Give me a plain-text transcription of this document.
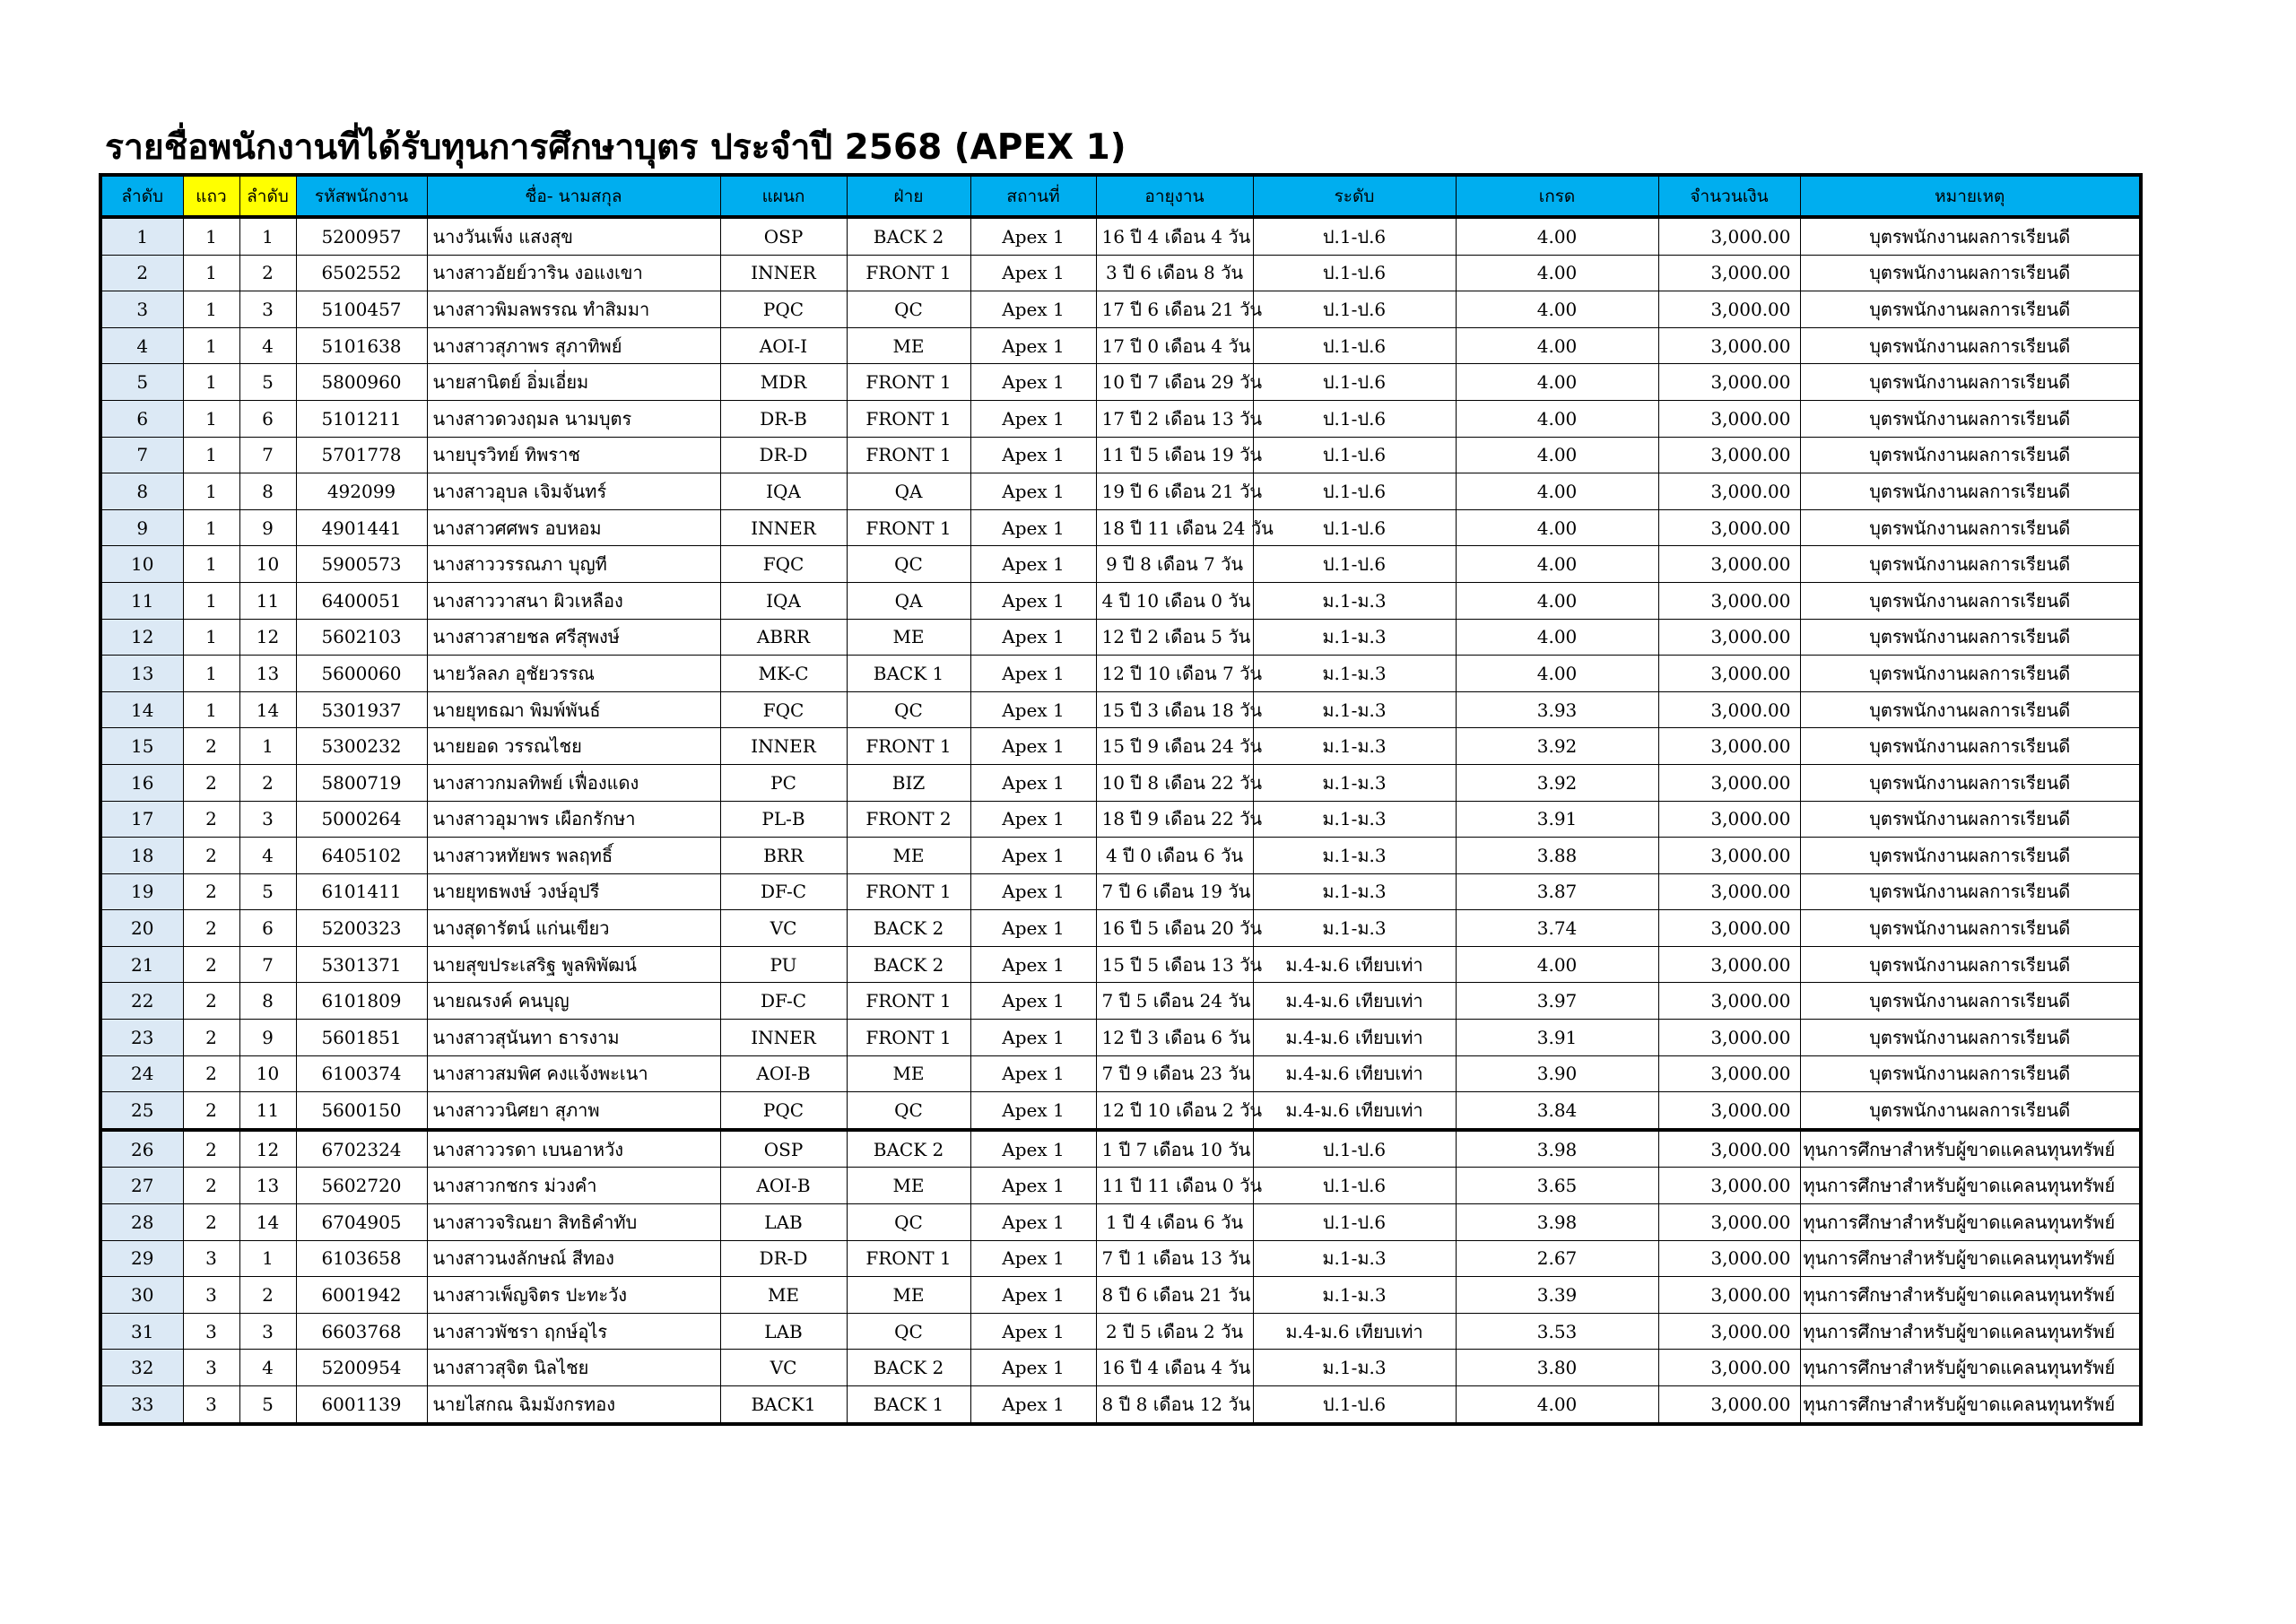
รายชื่อพนักงานที่ได้รับทุนการศึกษาบุตร ประจำปี 2568 (APEX 1)
ลำดับ	แถว	ลำดับ	รหัสพนักงาน	ชื่อ- นามสกุล	แผนก	ฝ่าย	สถานที่	อายุงาน	ระดับ	เกรด	จำนวนเงิน	หมายเหตุ
1	1	1	5200957	นางวันเพ็ง แสงสุข	OSP	BACK 2	Apex 1	16 ปี 4 เดือน 4 วัน	ป.1-ป.6	4.00	3,000.00	บุตรพนักงานผลการเรียนดี
2	1	2	6502552	นางสาวอัยย์วาริน งอแงเขา	INNER	FRONT 1	Apex 1	3 ปี 6 เดือน 8 วัน	ป.1-ป.6	4.00	3,000.00	บุตรพนักงานผลการเรียนดี
3	1	3	5100457	นางสาวพิมลพรรณ ทำสิมมา	PQC	QC	Apex 1	17 ปี 6 เดือน 21 วัน	ป.1-ป.6	4.00	3,000.00	บุตรพนักงานผลการเรียนดี
4	1	4	5101638	นางสาวสุภาพร สุภาทิพย์	AOI-I	ME	Apex 1	17 ปี 0 เดือน 4 วัน	ป.1-ป.6	4.00	3,000.00	บุตรพนักงานผลการเรียนดี
5	1	5	5800960	นายสานิตย์ อิ่มเอี่ยม	MDR	FRONT 1	Apex 1	10 ปี 7 เดือน 29 วัน	ป.1-ป.6	4.00	3,000.00	บุตรพนักงานผลการเรียนดี
6	1	6	5101211	นางสาวดวงฤมล นามบุตร	DR-B	FRONT 1	Apex 1	17 ปี 2 เดือน 13 วัน	ป.1-ป.6	4.00	3,000.00	บุตรพนักงานผลการเรียนดี
7	1	7	5701778	นายบุรวิทย์ ทิพราช	DR-D	FRONT 1	Apex 1	11 ปี 5 เดือน 19 วัน	ป.1-ป.6	4.00	3,000.00	บุตรพนักงานผลการเรียนดี
8	1	8	492099	นางสาวอุบล เจิมจันทร์	IQA	QA	Apex 1	19 ปี 6 เดือน 21 วัน	ป.1-ป.6	4.00	3,000.00	บุตรพนักงานผลการเรียนดี
9	1	9	4901441	นางสาวศศพร อบหอม	INNER	FRONT 1	Apex 1	18 ปี 11 เดือน 24 วัน	ป.1-ป.6	4.00	3,000.00	บุตรพนักงานผลการเรียนดี
10	1	10	5900573	นางสาววรรณภา บุญที	FQC	QC	Apex 1	9 ปี 8 เดือน 7 วัน	ป.1-ป.6	4.00	3,000.00	บุตรพนักงานผลการเรียนดี
11	1	11	6400051	นางสาววาสนา ผิวเหลือง	IQA	QA	Apex 1	4 ปี 10 เดือน 0 วัน	ม.1-ม.3	4.00	3,000.00	บุตรพนักงานผลการเรียนดี
12	1	12	5602103	นางสาวสายชล ศรีสุพงษ์	ABRR	ME	Apex 1	12 ปี 2 เดือน 5 วัน	ม.1-ม.3	4.00	3,000.00	บุตรพนักงานผลการเรียนดี
13	1	13	5600060	นายวัลลภ อุชัยวรรณ	MK-C	BACK 1	Apex 1	12 ปี 10 เดือน 7 วัน	ม.1-ม.3	4.00	3,000.00	บุตรพนักงานผลการเรียนดี
14	1	14	5301937	นายยุทธฌา พิมพ์พันธ์	FQC	QC	Apex 1	15 ปี 3 เดือน 18 วัน	ม.1-ม.3	3.93	3,000.00	บุตรพนักงานผลการเรียนดี
15	2	1	5300232	นายยอด วรรณไชย	INNER	FRONT 1	Apex 1	15 ปี 9 เดือน 24 วัน	ม.1-ม.3	3.92	3,000.00	บุตรพนักงานผลการเรียนดี
16	2	2	5800719	นางสาวกมลทิพย์ เฟื่องแดง	PC	BIZ	Apex 1	10 ปี 8 เดือน 22 วัน	ม.1-ม.3	3.92	3,000.00	บุตรพนักงานผลการเรียนดี
17	2	3	5000264	นางสาวอุมาพร เผือกรักษา	PL-B	FRONT 2	Apex 1	18 ปี 9 เดือน 22 วัน	ม.1-ม.3	3.91	3,000.00	บุตรพนักงานผลการเรียนดี
18	2	4	6405102	นางสาวหทัยพร พลฤทธิ์	BRR	ME	Apex 1	4 ปี 0 เดือน 6 วัน	ม.1-ม.3	3.88	3,000.00	บุตรพนักงานผลการเรียนดี
19	2	5	6101411	นายยุทธพงษ์ วงษ์อุปรี	DF-C	FRONT 1	Apex 1	7 ปี 6 เดือน 19 วัน	ม.1-ม.3	3.87	3,000.00	บุตรพนักงานผลการเรียนดี
20	2	6	5200323	นางสุดารัตน์ แก่นเขียว	VC	BACK 2	Apex 1	16 ปี 5 เดือน 20 วัน	ม.1-ม.3	3.74	3,000.00	บุตรพนักงานผลการเรียนดี
21	2	7	5301371	นายสุขประเสริฐ พูลพิพัฒน์	PU	BACK 2	Apex 1	15 ปี 5 เดือน 13 วัน	ม.4-ม.6 เทียบเท่า	4.00	3,000.00	บุตรพนักงานผลการเรียนดี
22	2	8	6101809	นายณรงค์ คนบุญ	DF-C	FRONT 1	Apex 1	7 ปี 5 เดือน 24 วัน	ม.4-ม.6 เทียบเท่า	3.97	3,000.00	บุตรพนักงานผลการเรียนดี
23	2	9	5601851	นางสาวสุนันทา ธารงาม	INNER	FRONT 1	Apex 1	12 ปี 3 เดือน 6 วัน	ม.4-ม.6 เทียบเท่า	3.91	3,000.00	บุตรพนักงานผลการเรียนดี
24	2	10	6100374	นางสาวสมพิศ คงแจ้งพะเนา	AOI-B	ME	Apex 1	7 ปี 9 เดือน 23 วัน	ม.4-ม.6 เทียบเท่า	3.90	3,000.00	บุตรพนักงานผลการเรียนดี
25	2	11	5600150	นางสาววนิศยา สุภาพ	PQC	QC	Apex 1	12 ปี 10 เดือน 2 วัน	ม.4-ม.6 เทียบเท่า	3.84	3,000.00	บุตรพนักงานผลการเรียนดี
26	2	12	6702324	นางสาววรดา เบนอาหวัง	OSP	BACK 2	Apex 1	1 ปี 7 เดือน 10 วัน	ป.1-ป.6	3.98	3,000.00	ทุนการศึกษาสำหรับผู้ขาดแคลนทุนทรัพย์
27	2	13	5602720	นางสาวกชกร ม่วงคำ	AOI-B	ME	Apex 1	11 ปี 11 เดือน 0 วัน	ป.1-ป.6	3.65	3,000.00	ทุนการศึกษาสำหรับผู้ขาดแคลนทุนทรัพย์
28	2	14	6704905	นางสาวจริณยา สิทธิคำทับ	LAB	QC	Apex 1	1 ปี 4 เดือน 6 วัน	ป.1-ป.6	3.98	3,000.00	ทุนการศึกษาสำหรับผู้ขาดแคลนทุนทรัพย์
29	3	1	6103658	นางสาวนงลักษณ์ สีทอง	DR-D	FRONT 1	Apex 1	7 ปี 1 เดือน 13 วัน	ม.1-ม.3	2.67	3,000.00	ทุนการศึกษาสำหรับผู้ขาดแคลนทุนทรัพย์
30	3	2	6001942	นางสาวเพ็ญจิตร ปะทะวัง	ME	ME	Apex 1	8 ปี 6 เดือน 21 วัน	ม.1-ม.3	3.39	3,000.00	ทุนการศึกษาสำหรับผู้ขาดแคลนทุนทรัพย์
31	3	3	6603768	นางสาวพัชรา ฤกษ์อุไร	LAB	QC	Apex 1	2 ปี 5 เดือน 2 วัน	ม.4-ม.6 เทียบเท่า	3.53	3,000.00	ทุนการศึกษาสำหรับผู้ขาดแคลนทุนทรัพย์
32	3	4	5200954	นางสาวสุจิต นิลไชย	VC	BACK 2	Apex 1	16 ปี 4 เดือน 4 วัน	ม.1-ม.3	3.80	3,000.00	ทุนการศึกษาสำหรับผู้ขาดแคลนทุนทรัพย์
33	3	5	6001139	นายไสกณ ฉิมมังกรทอง	BACK1	BACK 1	Apex 1	8 ปี 8 เดือน 12 วัน	ป.1-ป.6	4.00	3,000.00	ทุนการศึกษาสำหรับผู้ขาดแคลนทุนทรัพย์
